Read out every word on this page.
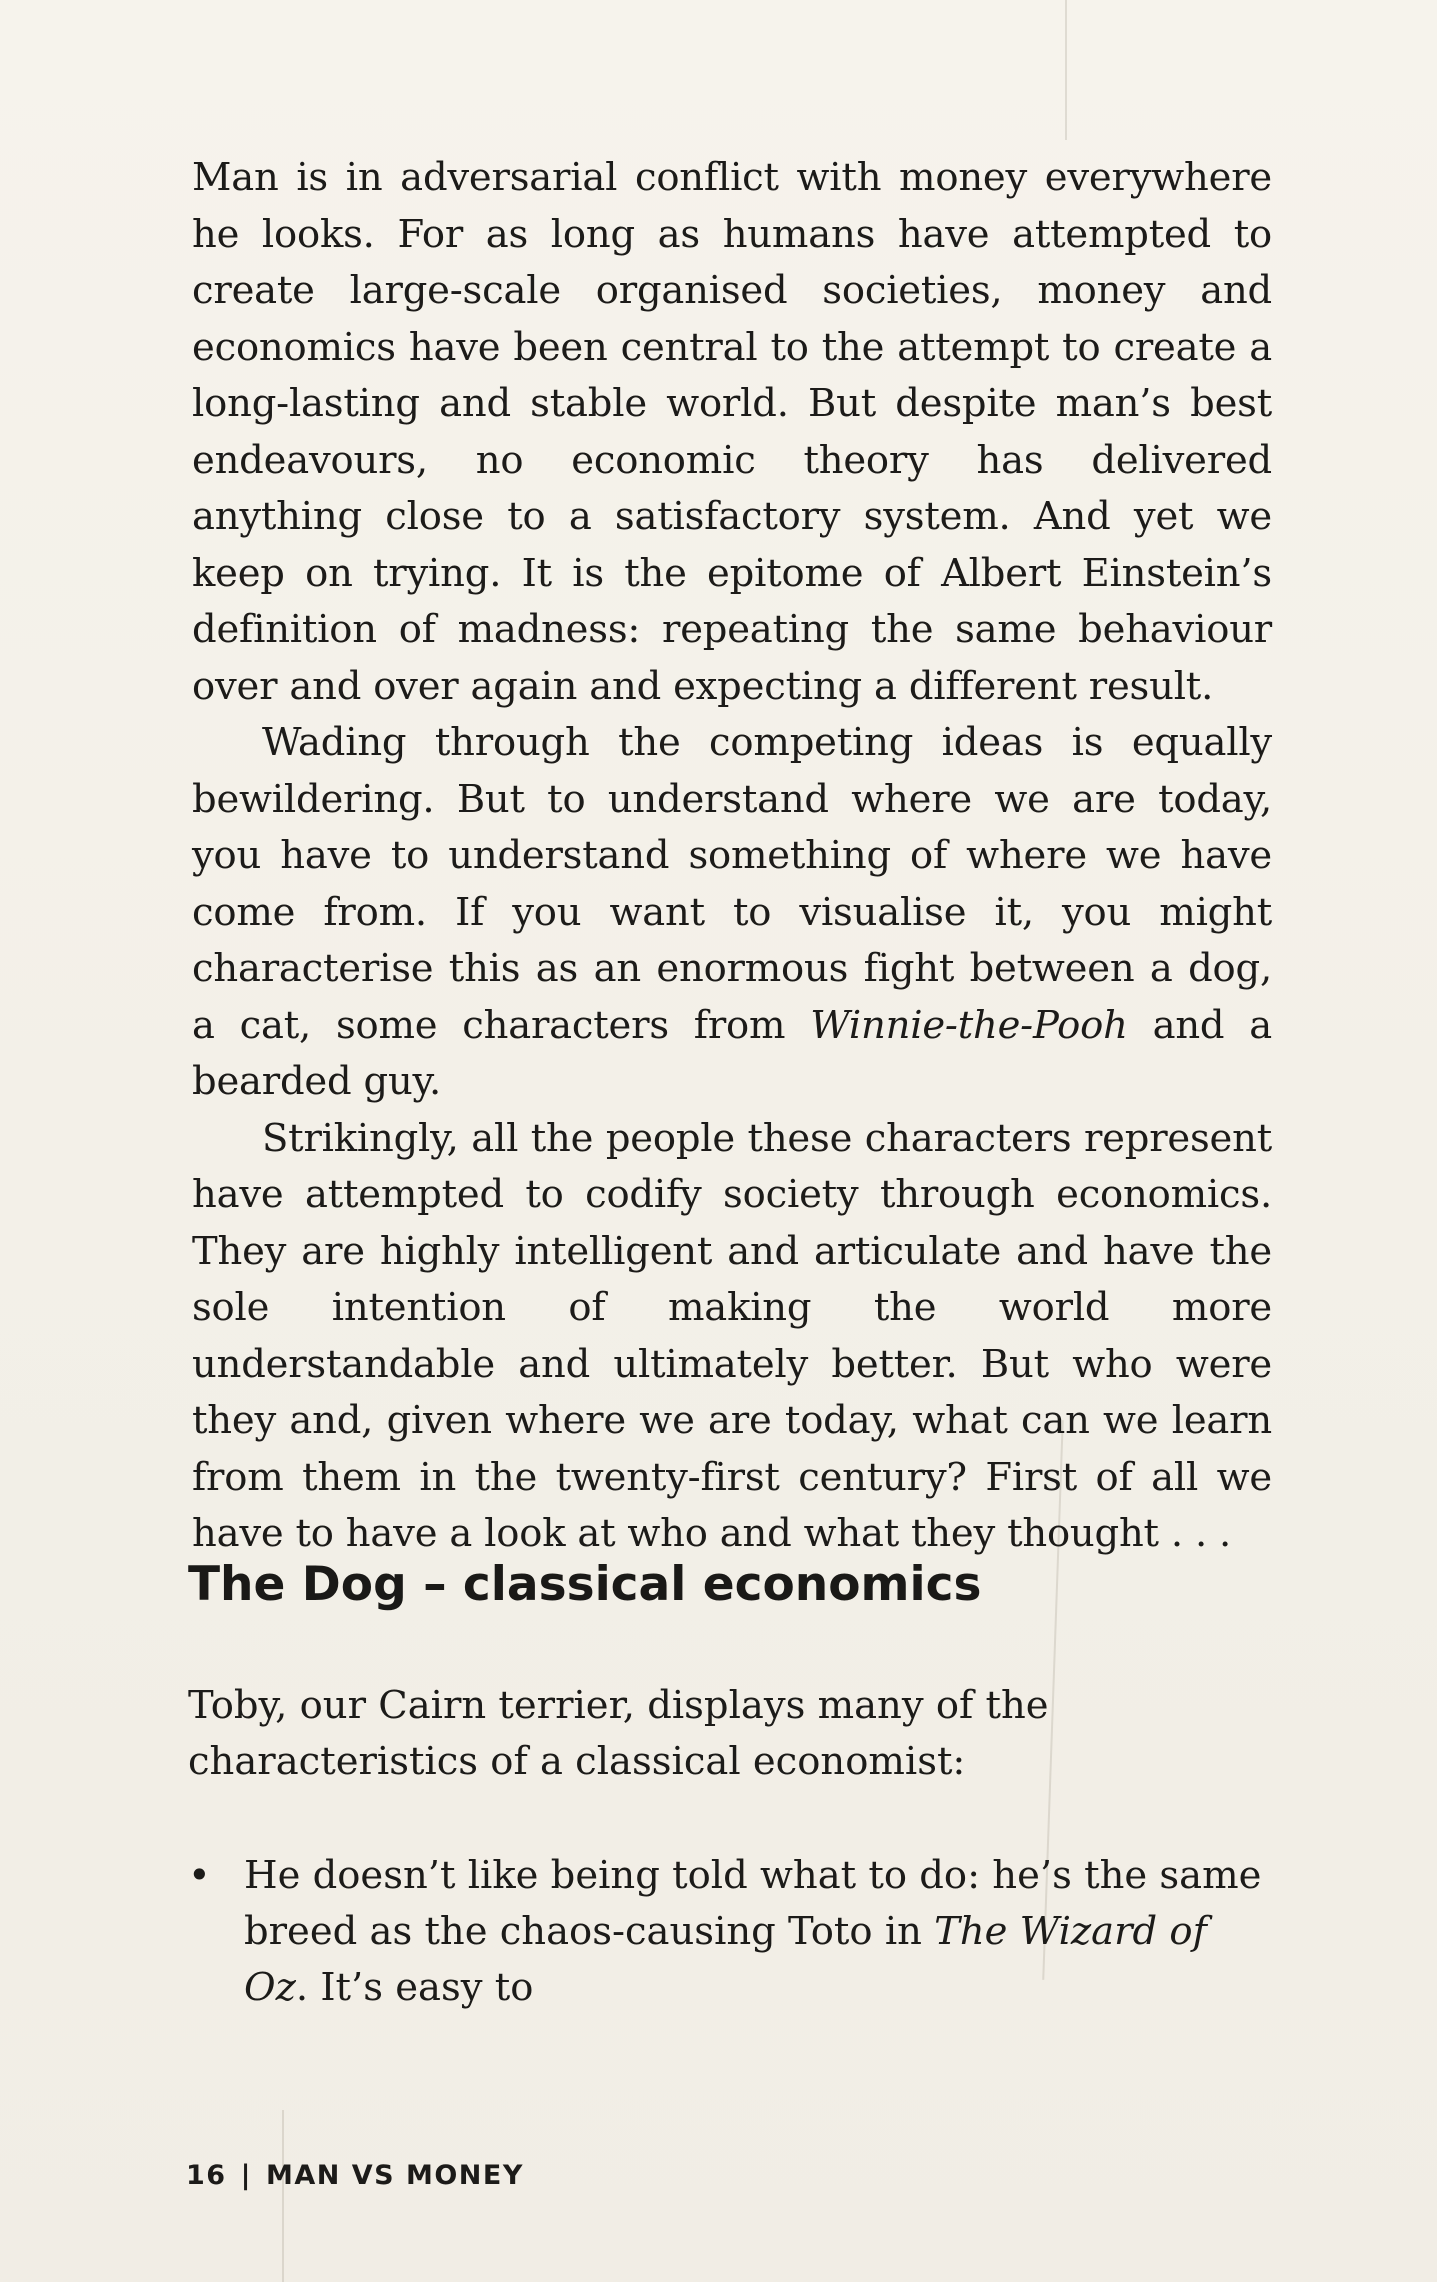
Man is in adversarial conflict with money everywhere he looks. For as long as humans have attempted to create large-scale organised societies, money and economics have been central to the attempt to create a long-lasting and stable world. But despite man’s best endeavours, no economic theory has delivered anything close to a satisfactory system. And yet we keep on trying. It is the epitome of Albert Einstein’s definition of madness: repeating the same behaviour over and over again and expecting a different result.

Wading through the competing ideas is equally bewildering. But to understand where we are today, you have to understand something of where we have come from. If you want to visualise it, you might characterise this as an enormous fight between a dog, a cat, some characters from Winnie-the-Pooh and a bearded guy.

Strikingly, all the people these characters represent have attempted to codify society through economics. They are highly intelligent and articulate and have the sole intention of making the world more understandable and ultimately better. But who were they and, given where we are today, what can we learn from them in the twenty-first century? First of all we have to have a look at who and what they thought . . .

The Dog – classical economics

Toby, our Cairn terrier, displays many of the characteristics of a classical economist:

• He doesn’t like being told what to do: he’s the same breed as the chaos-causing Toto in The Wizard of Oz. It’s easy to
16 | MAN VS MONEY
